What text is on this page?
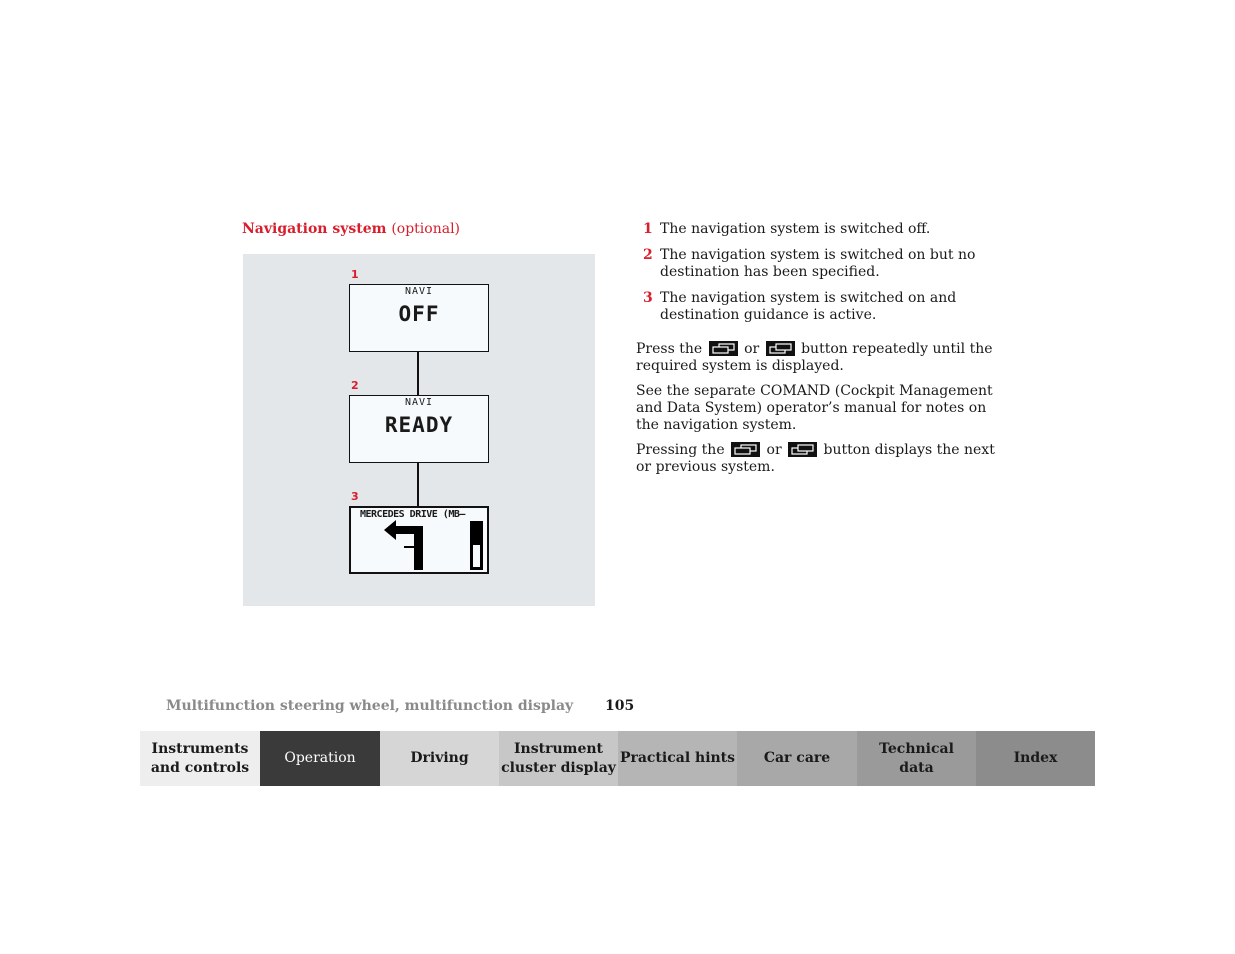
Navigation system (optional)
1
NAVI
OFF
2
NAVI
READY
3
MERCEDES DRIVE (MB–
1 The navigation system is switched off.
2 The navigation system is switched on but no destination has been specified.
3 The navigation system is switched on and destination guidance is active.

Press the	or	button repeatedly until the required system is displayed.

See the separate COMAND (Cockpit Management and Data System) operator’s manual for notes on the navigation system.

Pressing the	or	button displays the next or previous system.

Multifunction steering wheel, multifunction display 105
Instruments
and controls
Operation	Driving
Instrument
cluster display
Practical hints Car care
Technical
data
Index
